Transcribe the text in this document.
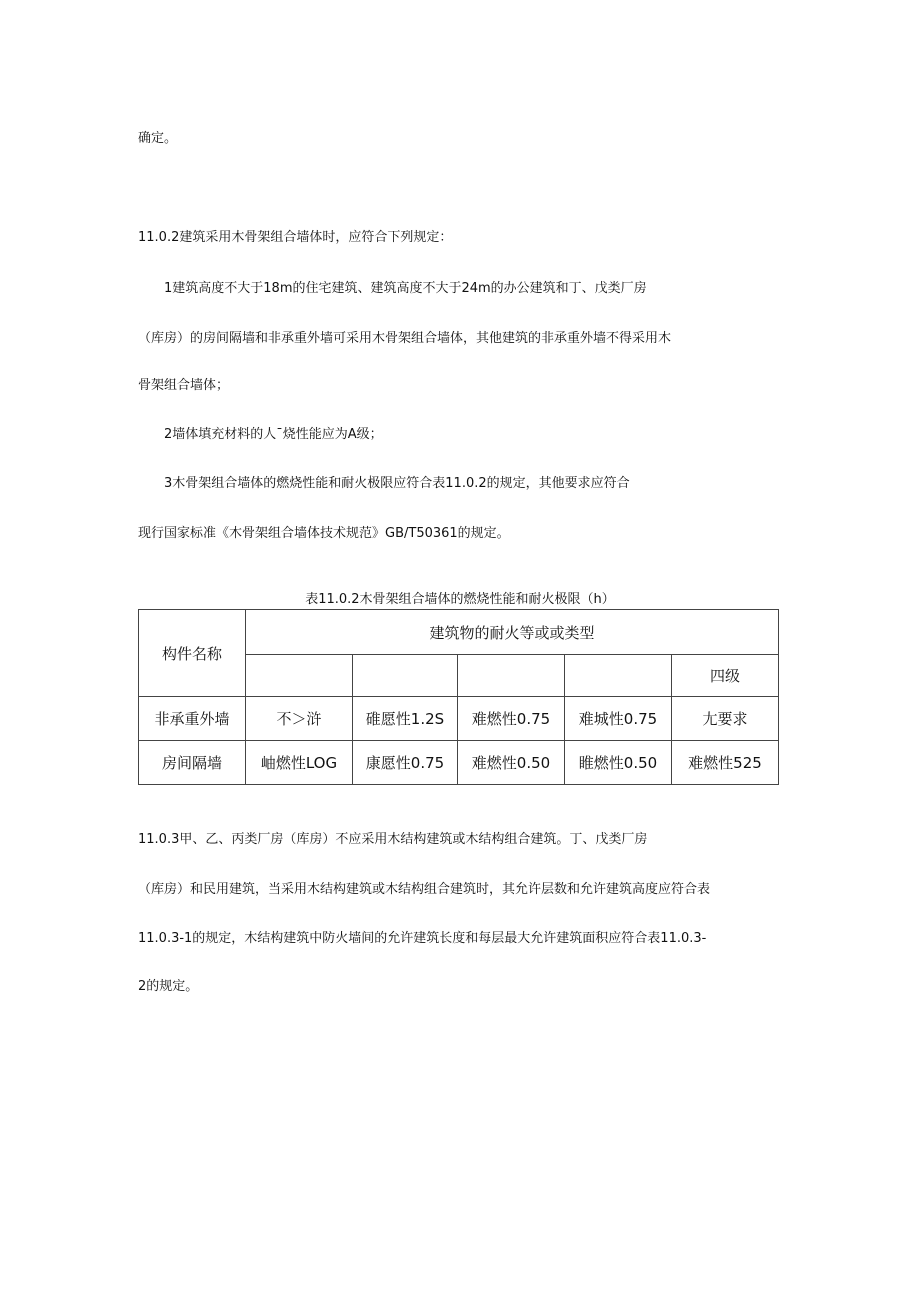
确定。
11.0.2建筑采用木骨架组合墙体时，应符合下列规定：
1建筑高度不大于18m的住宅建筑、建筑高度不大于24m的办公建筑和丁、戊类厂房
（库房）的房间隔墙和非承重外墙可采用木骨架组合墙体，其他建筑的非承重外墙不得采用木
骨架组合墙体；
2墙体填充材料的人¯烧性能应为A级；
3木骨架组合墙体的燃烧性能和耐火极限应符合表11.0.2的规定，其他要求应符合
现行国家标准《木骨架组合墙体技术规范》GB/T50361的规定。
表11.0.2木骨架组合墙体的燃烧性能和耐火极限（h）
构件名称	建筑物的耐火等或或类型				
					四级
非承重外墙	不＞浒	碓愿性1.2S	难燃性0.75	难城性0.75	尢要求
房间隔墙	岫燃性LOG	康愿性0.75	难燃性0.50	睢燃性0.50	难燃性525
11.0.3甲、乙、丙类厂房（库房）不应采用木结构建筑或木结构组合建筑。丁、戊类厂房
（库房）和民用建筑，当采用木结构建筑或木结构组合建筑时，其允许层数和允许建筑高度应符合表
11.0.3-1的规定，木结构建筑中防火墙间的允许建筑长度和每层最大允许建筑面积应符合表11.0.3-
2的规定。
